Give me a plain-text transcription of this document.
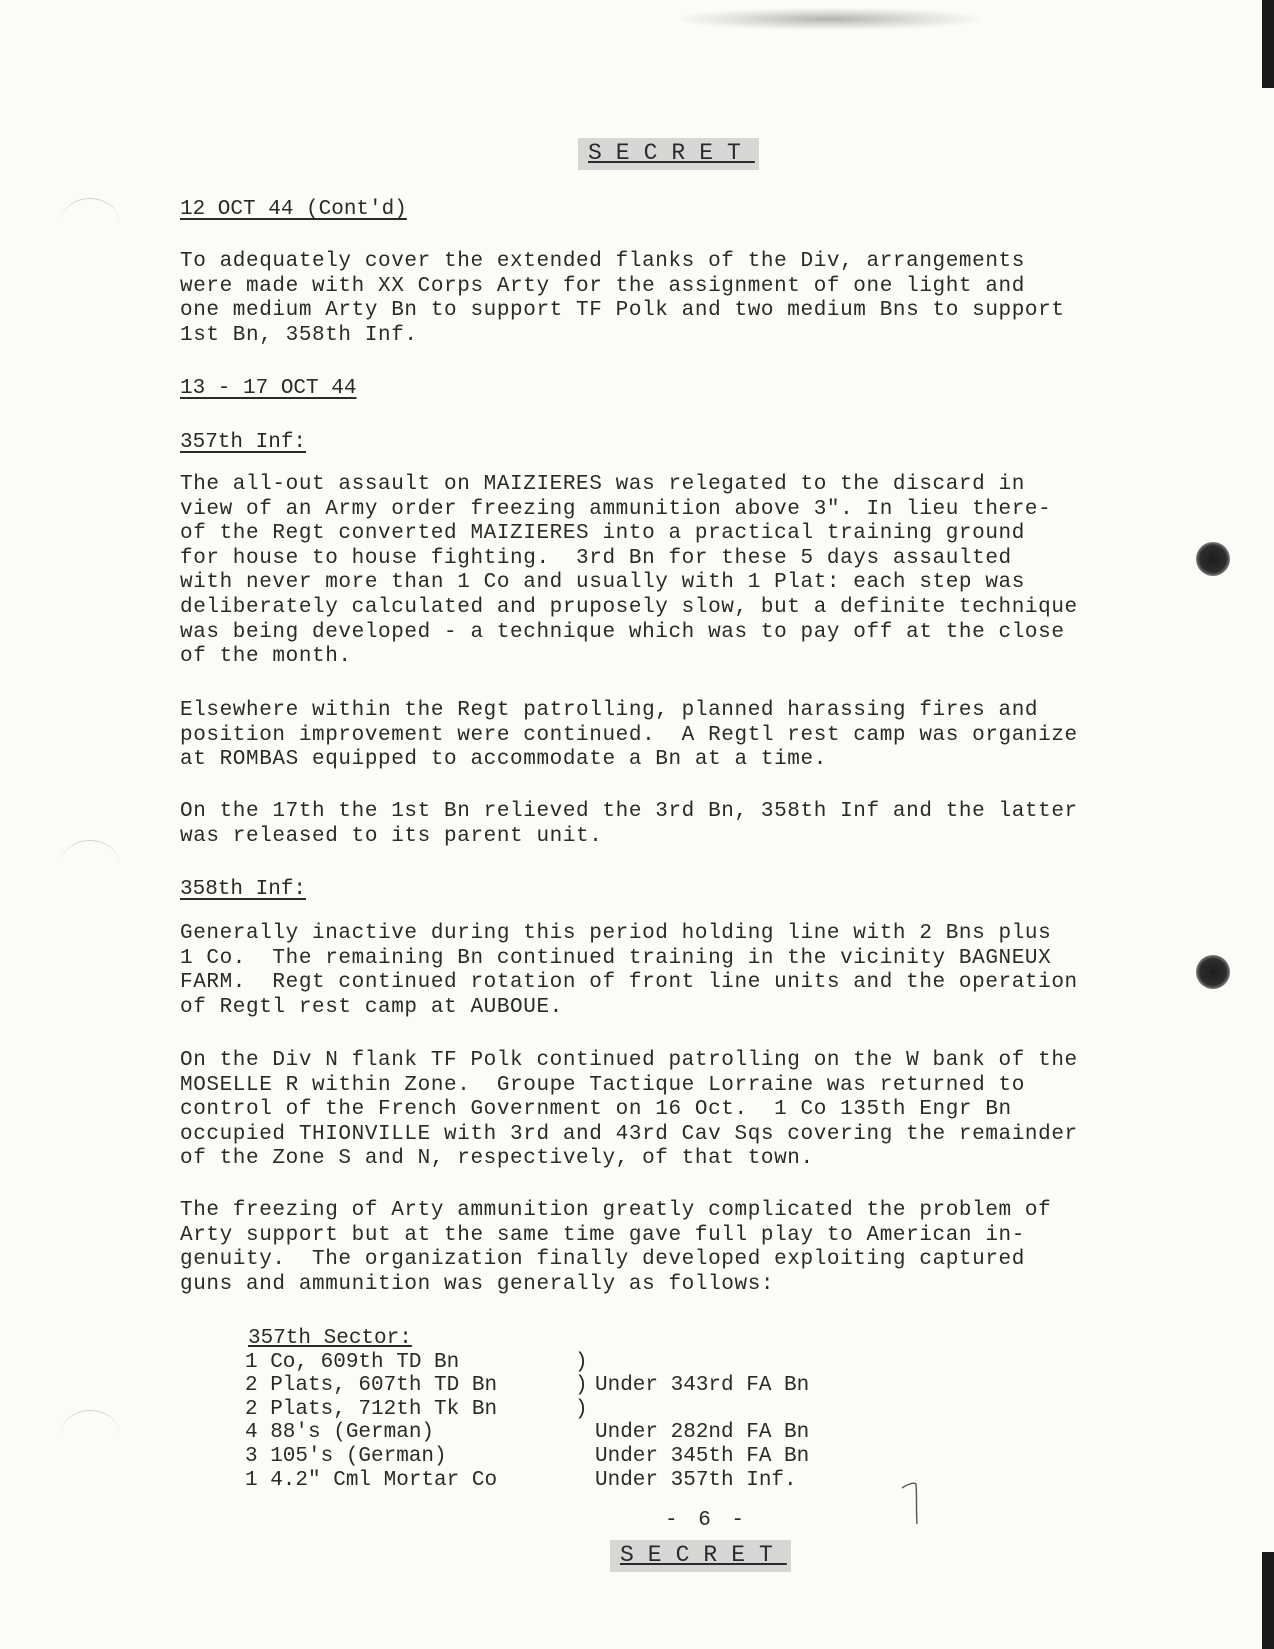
SECRET
12 OCT 44 (Cont'd)

To adequately cover the extended flanks of the Div, arrangements
were made with XX Corps Arty for the assignment of one light and
one medium Arty Bn to support TF Polk and two medium Bns to support
1st Bn, 358th Inf.

13 - 17 OCT 44
357th Inf:

The all-out assault on MAIZIERES was relegated to the discard in
view of an Army order freezing ammunition above 3". In lieu there-
of the Regt converted MAIZIERES into a practical training ground
for house to house fighting.  3rd Bn for these 5 days assaulted
with never more than 1 Co and usually with 1 Plat: each step was
deliberately calculated and pruposely slow, but a definite technique
was being developed - a technique which was to pay off at the close
of the month.

Elsewhere within the Regt patrolling, planned harassing fires and
position improvement were continued.  A Regtl rest camp was organize
at ROMBAS equipped to accommodate a Bn at a time.

On the 17th the 1st Bn relieved the 3rd Bn, 358th Inf and the latter
was released to its parent unit.

358th Inf:

Generally inactive during this period holding line with 2 Bns plus
1 Co.  The remaining Bn continued training in the vicinity BAGNEUX
FARM.  Regt continued rotation of front line units and the operation
of Regtl rest camp at AUBOUE.

On the Div N flank TF Polk continued patrolling on the W bank of the
MOSELLE R within Zone.  Groupe Tactique Lorraine was returned to
control of the French Government on 16 Oct.  1 Co 135th Engr Bn
occupied THIONVILLE with 3rd and 43rd Cav Sqs covering the remainder
of the Zone S and N, respectively, of that town.

The freezing of Arty ammunition greatly complicated the problem of
Arty support but at the same time gave full play to American in-
genuity.  The organization finally developed exploiting captured
guns and ammunition was generally as follows:

357th Sector:
1 Co, 609th TD Bn	)
2 Plats, 607th TD Bn	) Under 343rd FA Bn
2 Plats, 712th Tk Bn	)
4 88's (German)	Under 282nd FA Bn
3 105's (German)	Under 345th FA Bn
1 4.2" Cml Mortar Co	Under 357th Inf.
- 6 -
SECRET
